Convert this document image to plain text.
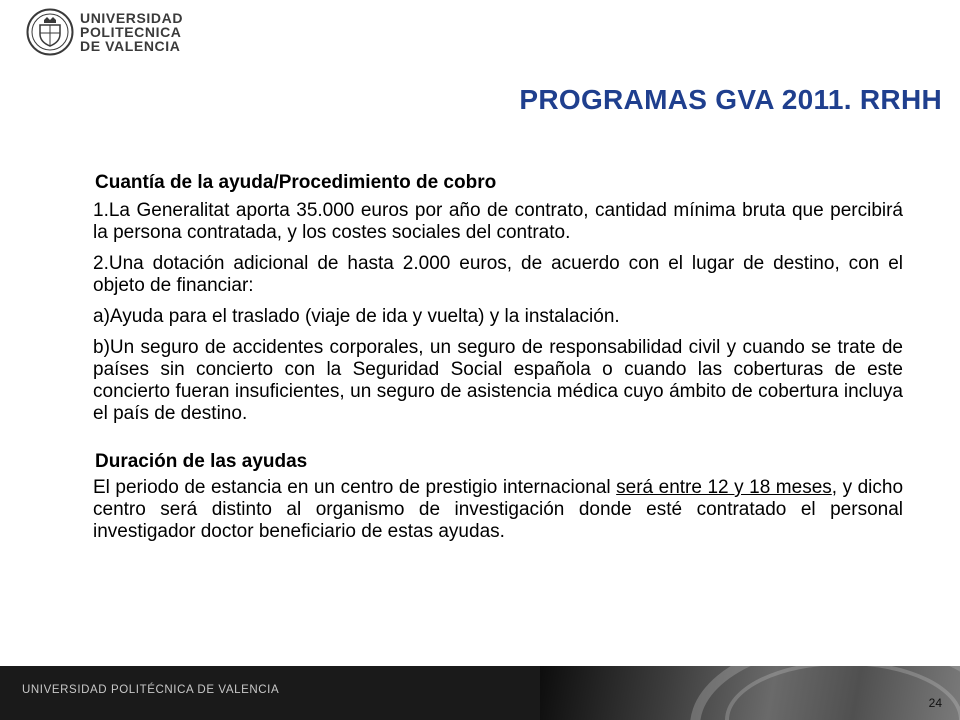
UNIVERSIDAD
POLITECNICA
DE VALENCIA
PROGRAMAS GVA 2011. RRHH
Cuantía de la ayuda/Procedimiento de cobro

1.La Generalitat aporta 35.000 euros por año de contrato, cantidad mínima bruta que percibirá la persona contratada, y los costes sociales del contrato.

2.Una dotación adicional de hasta 2.000 euros, de acuerdo con el lugar de destino, con el objeto de financiar:

a)Ayuda para el traslado (viaje de ida y vuelta) y la instalación.

b)Un seguro de accidentes corporales, un seguro de responsabilidad civil y cuando se trate de países sin concierto con la Seguridad Social española o cuando las coberturas de este concierto fueran insuficientes, un seguro de asistencia médica cuyo ámbito de cobertura incluya el país de destino.

Duración de las ayudas

El periodo de estancia en un centro de prestigio internacional será entre 12 y 18 meses, y dicho centro será distinto al organismo de investigación donde esté contratado el personal investigador doctor beneficiario de estas ayudas.

UNIVERSIDAD POLITÉCNICA DE VALENCIA
24
